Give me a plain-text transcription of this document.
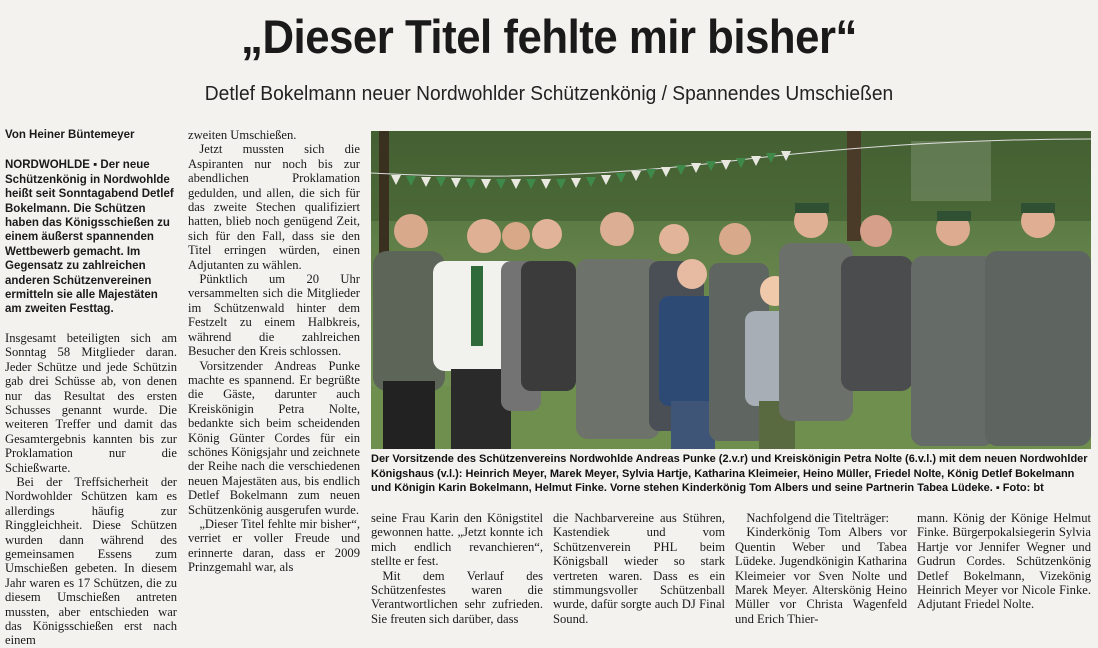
„Dieser Titel fehlte mir bisher“
Detlef Bokelmann neuer Nordwohlder Schützenkönig / Spannendes Umschießen
Von Heiner Büntemeyer
NORDWOHLDE ▪ Der neue Schützenkönig in Nordwohlde heißt seit Sonntagabend Detlef Bokelmann. Die Schützen haben das Königsschießen zu einem äußerst spannenden Wettbewerb gemacht. Im Gegensatz zu zahlreichen anderen Schützenvereinen ermitteln sie alle Majestäten am zweiten Festtag.

Insgesamt beteiligten sich am Sonntag 58 Mitglieder daran. Jeder Schütze und jede Schützin gab drei Schüsse ab, von denen nur das Resultat des ersten Schusses genannt wurde. Die weiteren Treffer und damit das Gesamtergebnis kannten bis zur Proklamation nur die Schießwarte.

Bei der Treffsicherheit der Nordwohlder Schützen kam es allerdings häufig zur Ringgleichheit. Diese Schützen wurden dann während des gemeinsamen Essens zum Umschießen gebeten. In diesem Jahr waren es 17 Schützen, die zu diesem Umschießen antreten mussten, aber entschieden war das Königsschießen erst nach einem

zweiten Umschießen.

Jetzt mussten sich die Aspiranten nur noch bis zur abendlichen Proklamation gedulden, und allen, die sich für das zweite Stechen qualifiziert hatten, blieb noch genügend Zeit, sich für den Fall, dass sie den Titel erringen würden, einen Adjutanten zu wählen.

Pünktlich um 20 Uhr versammelten sich die Mitglieder im Schützenwald hinter dem Festzelt zu einem Halbkreis, während die zahlreichen Besucher den Kreis schlossen.

Vorsitzender Andreas Punke machte es spannend. Er begrüßte die Gäste, darunter auch Kreiskönigin Petra Nolte, bedankte sich beim scheidenden König Günter Cordes für ein schönes Königsjahr und zeichnete der Reihe nach die verschiedenen neuen Majestäten aus, bis endlich Detlef Bokelmann zum neuen Schützenkönig ausgerufen wurde.

„Dieser Titel fehlte mir bisher“, verriet er voller Freude und erinnerte daran, dass er 2009 Prinzgemahl war, als

Der Vorsitzende des Schützenvereins Nordwohlde Andreas Punke (2.v.r) und Kreiskönigin Petra Nolte (6.v.l.) mit dem neuen Nordwohlder Königshaus (v.l.): Heinrich Meyer, Marek Meyer, Sylvia Hartje, Katharina Kleimeier, Heino Müller, Friedel Nolte, König Detlef Bokelmann und Königin Karin Bokelmann, Helmut Finke. Vorne stehen Kinderkönig Tom Albers und seine Partnerin Tabea Lüdeke. ▪ Foto: bt

seine Frau Karin den Königstitel gewonnen hatte. „Jetzt konnte ich mich endlich revanchieren“, stellte er fest.

Mit dem Verlauf des Schützenfestes waren die Verantwortlichen sehr zufrieden. Sie freuten sich darüber, dass

die Nachbarvereine aus Stühren, Kastendiek und vom Schützenverein PHL beim Königsball wieder so stark vertreten waren. Dass es ein stimmungsvoller Schützenball wurde, dafür sorgte auch DJ Final Sound.

Nachfolgend die Titelträger:

Kinderkönig Tom Albers vor Quentin Weber und Tabea Lüdeke. Jugendkönigin Katharina Kleimeier vor Sven Nolte und Marek Meyer. Alterskönig Heino Müller vor Christa Wagenfeld und Erich Thier-

mann. König der Könige Helmut Finke. Bürgerpokalsiegerin Sylvia Hartje vor Jennifer Wegner und Gudrun Cordes. Schützenkönig Detlef Bokelmann, Vizekönig Heinrich Meyer vor Nicole Finke. Adjutant Friedel Nolte.
